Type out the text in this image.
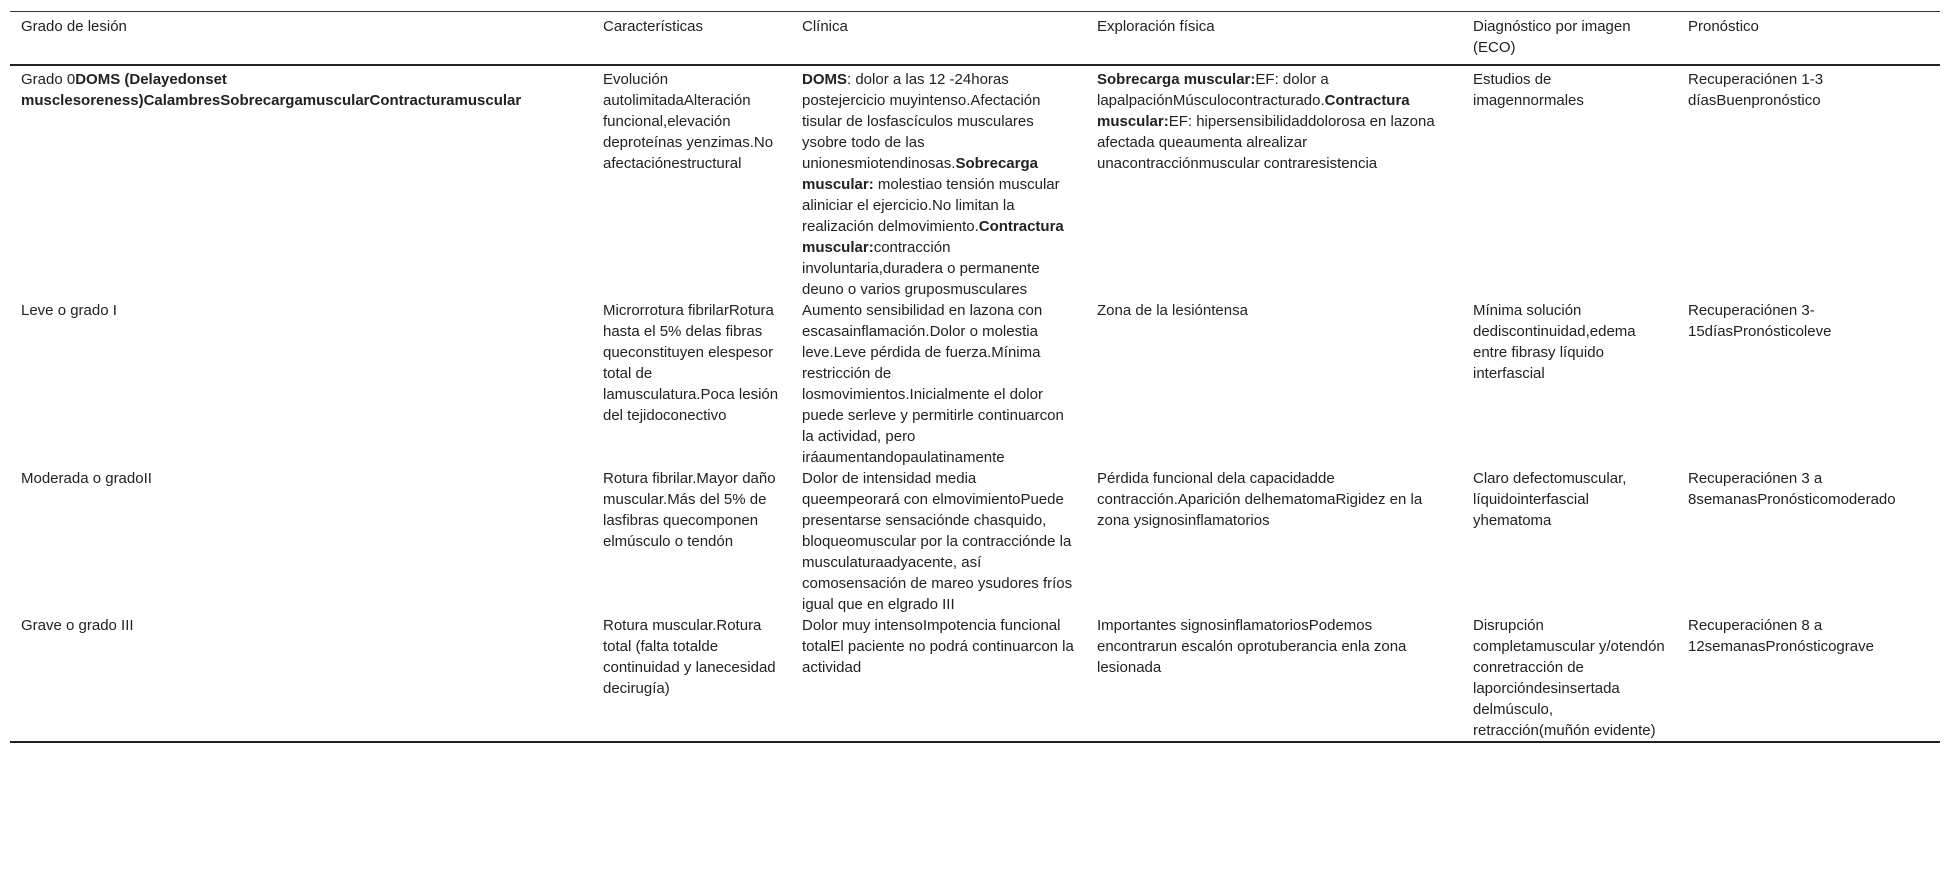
Grado de lesión	Características	Clínica	Exploración física	Diagnóstico por imagen (ECO)	Pronóstico
Grado 0DOMS (Delayedonset musclesoreness)CalambresSobrecargamuscularContracturamuscular	Evolución autolimitadaAlteración funcional,elevación deproteínas yenzimas.No afectaciónestructural	DOMS: dolor a las 12 -24horas postejercicio muyintenso.Afectación tisular de losfascículos musculares ysobre todo de las unionesmiotendinosas.Sobrecarga muscular: molestiao tensión muscular aliniciar el ejercicio.No limitan la realización delmovimiento.Contractura muscular:contracción involuntaria,duradera o permanente deuno o varios gruposmusculares	Sobrecarga muscular:EF: dolor a lapalpaciónMúsculocontracturado.Contractura muscular:EF: hipersensibilidaddolorosa en lazona afectada queaumenta alrealizar unacontracciónmuscular contraresistencia	Estudios de imagennormales	Recuperaciónen 1-3 díasBuenpronóstico
Leve o grado I	Microrrotura fibrilarRotura hasta el 5% delas fibras queconstituyen elespesor total de lamusculatura.Poca lesión del tejidoconectivo	Aumento sensibilidad en lazona con escasainflamación.Dolor o molestia leve.Leve pérdida de fuerza.Mínima restricción de losmovimientos.Inicialmente el dolor puede serleve y permitirle continuarcon la actividad, pero iráaumentandopaulatinamente	Zona de la lesióntensa	Mínima solución dediscontinuidad,edema entre fibrasy líquido interfascial	Recuperaciónen 3-15díasPronósticoleve
Moderada o gradoII	Rotura fibrilar.Mayor daño muscular.Más del 5% de lasfibras quecomponen elmúsculo o tendón	Dolor de intensidad media queempeorará con elmovimientoPuede presentarse sensaciónde chasquido, bloqueomuscular por la contracciónde la musculaturaadyacente, así comosensación de mareo ysudores fríos igual que en elgrado III	Pérdida funcional dela capacidadde contracción.Aparición delhematomaRigidez en la zona ysignosinflamatorios	Claro defectomuscular, líquidointerfascial yhematoma	Recuperaciónen 3 a 8semanasPronósticomoderado
Grave o grado III	Rotura muscular.Rotura total (falta totalde continuidad y lanecesidad decirugía)	Dolor muy intensoImpotencia funcional totalEl paciente no podrá continuarcon la actividad	Importantes signosinflamatoriosPodemos encontrarun escalón oprotuberancia enla zona lesionada	Disrupción completamuscular y/otendón conretracción de laporcióndesinsertada delmúsculo, retracción(muñón evidente)	Recuperaciónen 8 a 12semanasPronósticograve
